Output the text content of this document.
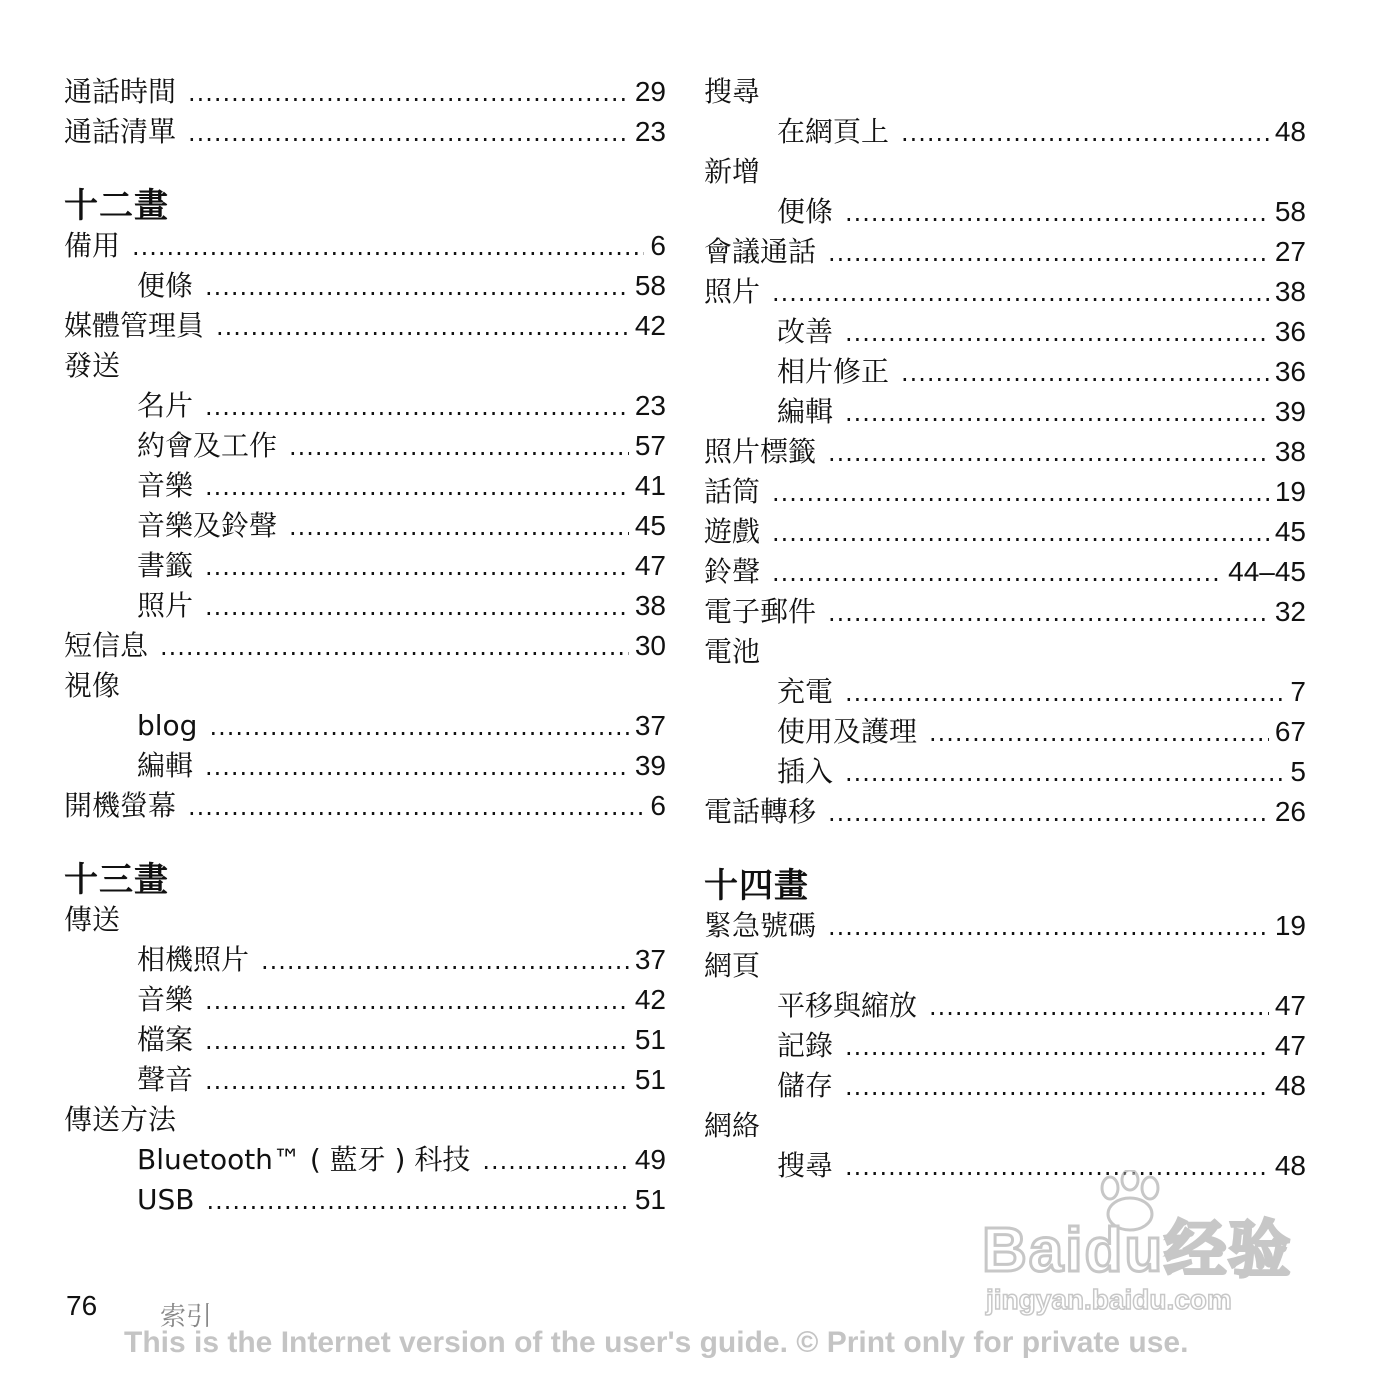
通話時間 .....	29
通話清單 .....	23
十二畫
備用 .....	6
便條 .....	58
媒體管理員 .....	42
發送
名片 .....	23
約會及工作 .....	57
音樂 .....	41
音樂及鈴聲 .....	45
書籤 .....	47
照片 .....	38
短信息 .....	30
視像
blog .....	37
編輯 .....	39
開機螢幕 .....	6
十三畫
傳送
相機照片 .....	37
音樂 .....	42
檔案 .....	51
聲音 .....	51
傳送方法
Bluetooth™ ( 藍牙 ) 科技 .....	49
USB .....	51
搜尋
在網頁上 .....	48
新增
便條 .....	58
會議通話 .....	27
照片 .....	38
改善 .....	36
相片修正 .....	36
編輯 .....	39
照片標籤 .....	38
話筒 .....	19
遊戲 .....	45
鈴聲 .....	44–45
電子郵件 .....	32
電池
充電 .....	7
使用及護理 .....	67
插入 .....	5
電話轉移 .....	26
十四畫
緊急號碼 .....	19
網頁
平移與縮放 .....	47
記錄 .....	47
儲存 .....	48
網絡
搜尋 .....	48
76 索引
This is the Internet version of the user's guide. © Print only for private use.
Baidu经验
jingyan.baidu.com
